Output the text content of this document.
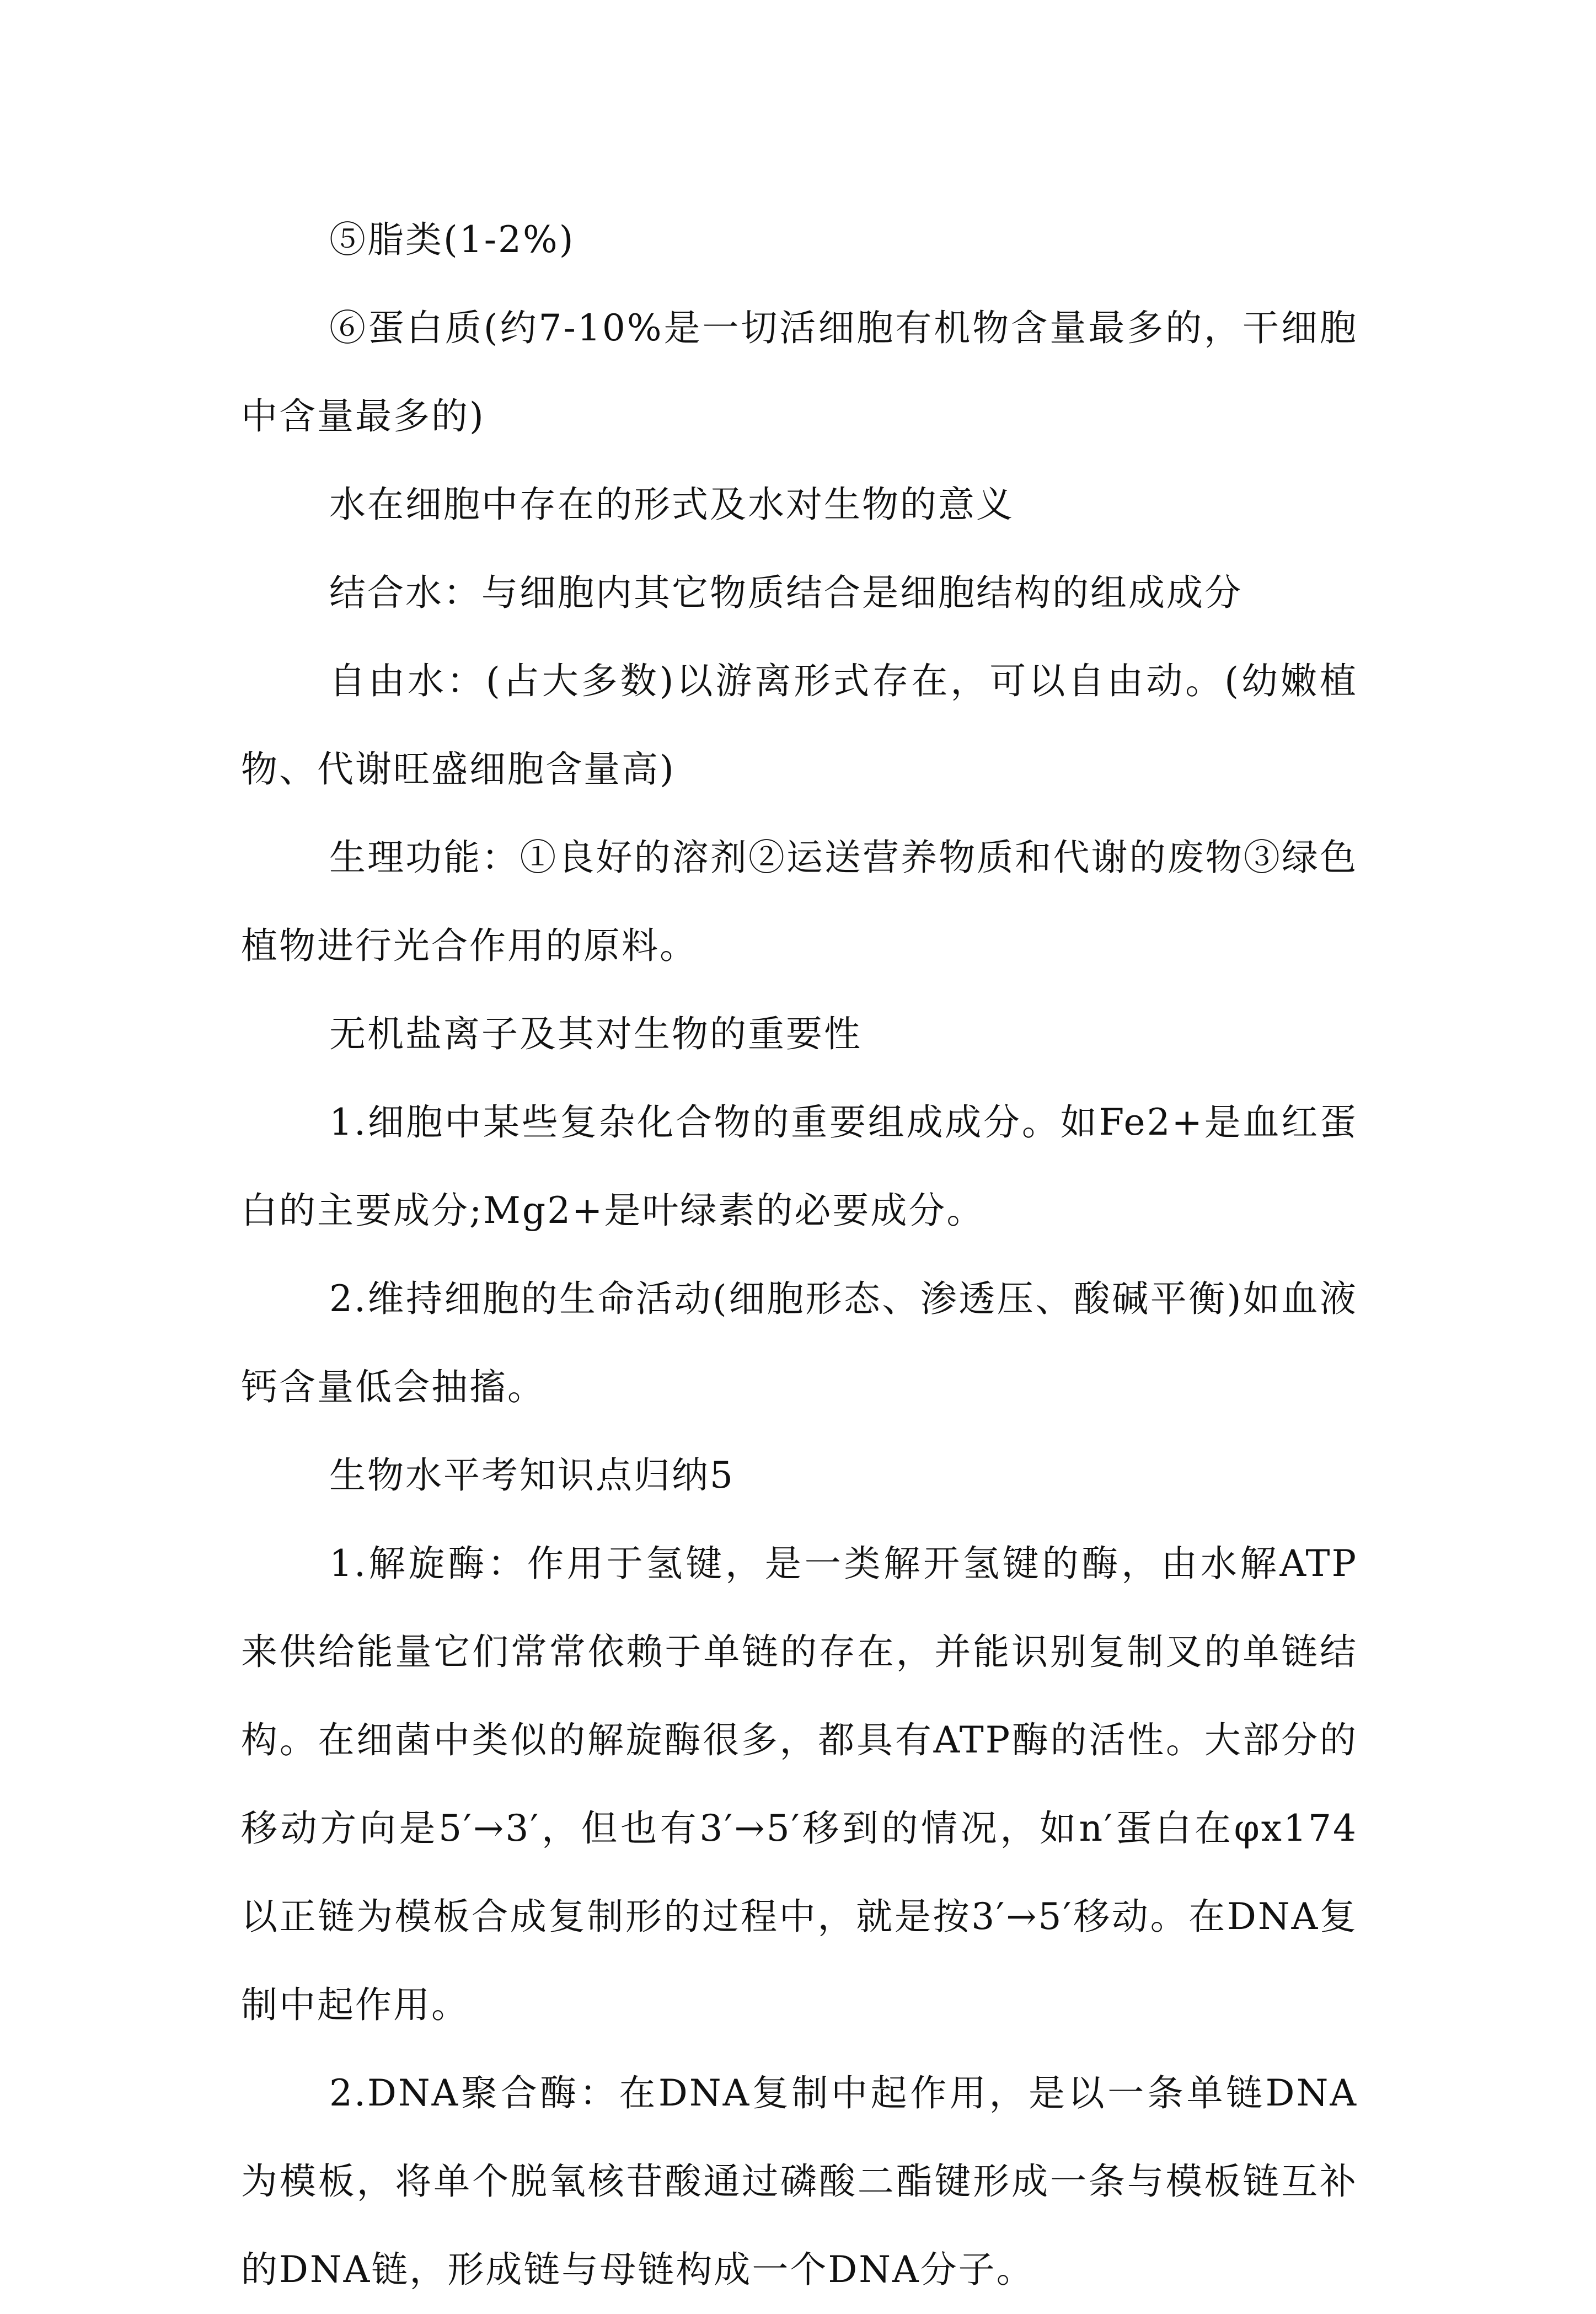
⑤脂类(1-2%)

⑥蛋白质(约7-10%是一切活细胞有机物含量最多的，干细胞中含量最多的)

水在细胞中存在的形式及水对生物的意义

结合水：与细胞内其它物质结合是细胞结构的组成成分

自由水：(占大多数)以游离形式存在，可以自由动。(幼嫩植物、代谢旺盛细胞含量高)

生理功能：①良好的溶剂②运送营养物质和代谢的废物③绿色植物进行光合作用的原料。

无机盐离子及其对生物的重要性

1.细胞中某些复杂化合物的重要组成成分。如Fe2+是血红蛋白的主要成分;Mg2+是叶绿素的必要成分。

2.维持细胞的生命活动(细胞形态、渗透压、酸碱平衡)如血液钙含量低会抽搐。

生物水平考知识点归纳5

1.解旋酶：作用于氢键，是一类解开氢键的酶，由水解ATP来供给能量它们常常依赖于单链的存在，并能识别复制叉的单链结构。在细菌中类似的解旋酶很多，都具有ATP酶的活性。大部分的移动方向是5′→3′，但也有3′→5′移到的情况，如n′蛋白在φx174以正链为模板合成复制形的过程中，就是按3′→5′移动。在DNA复制中起作用。

2.DNA聚合酶：在DNA复制中起作用，是以一条单链DNA为模板，将单个脱氧核苷酸通过磷酸二酯键形成一条与模板链互补的DNA链，形成链与母链构成一个DNA分子。
